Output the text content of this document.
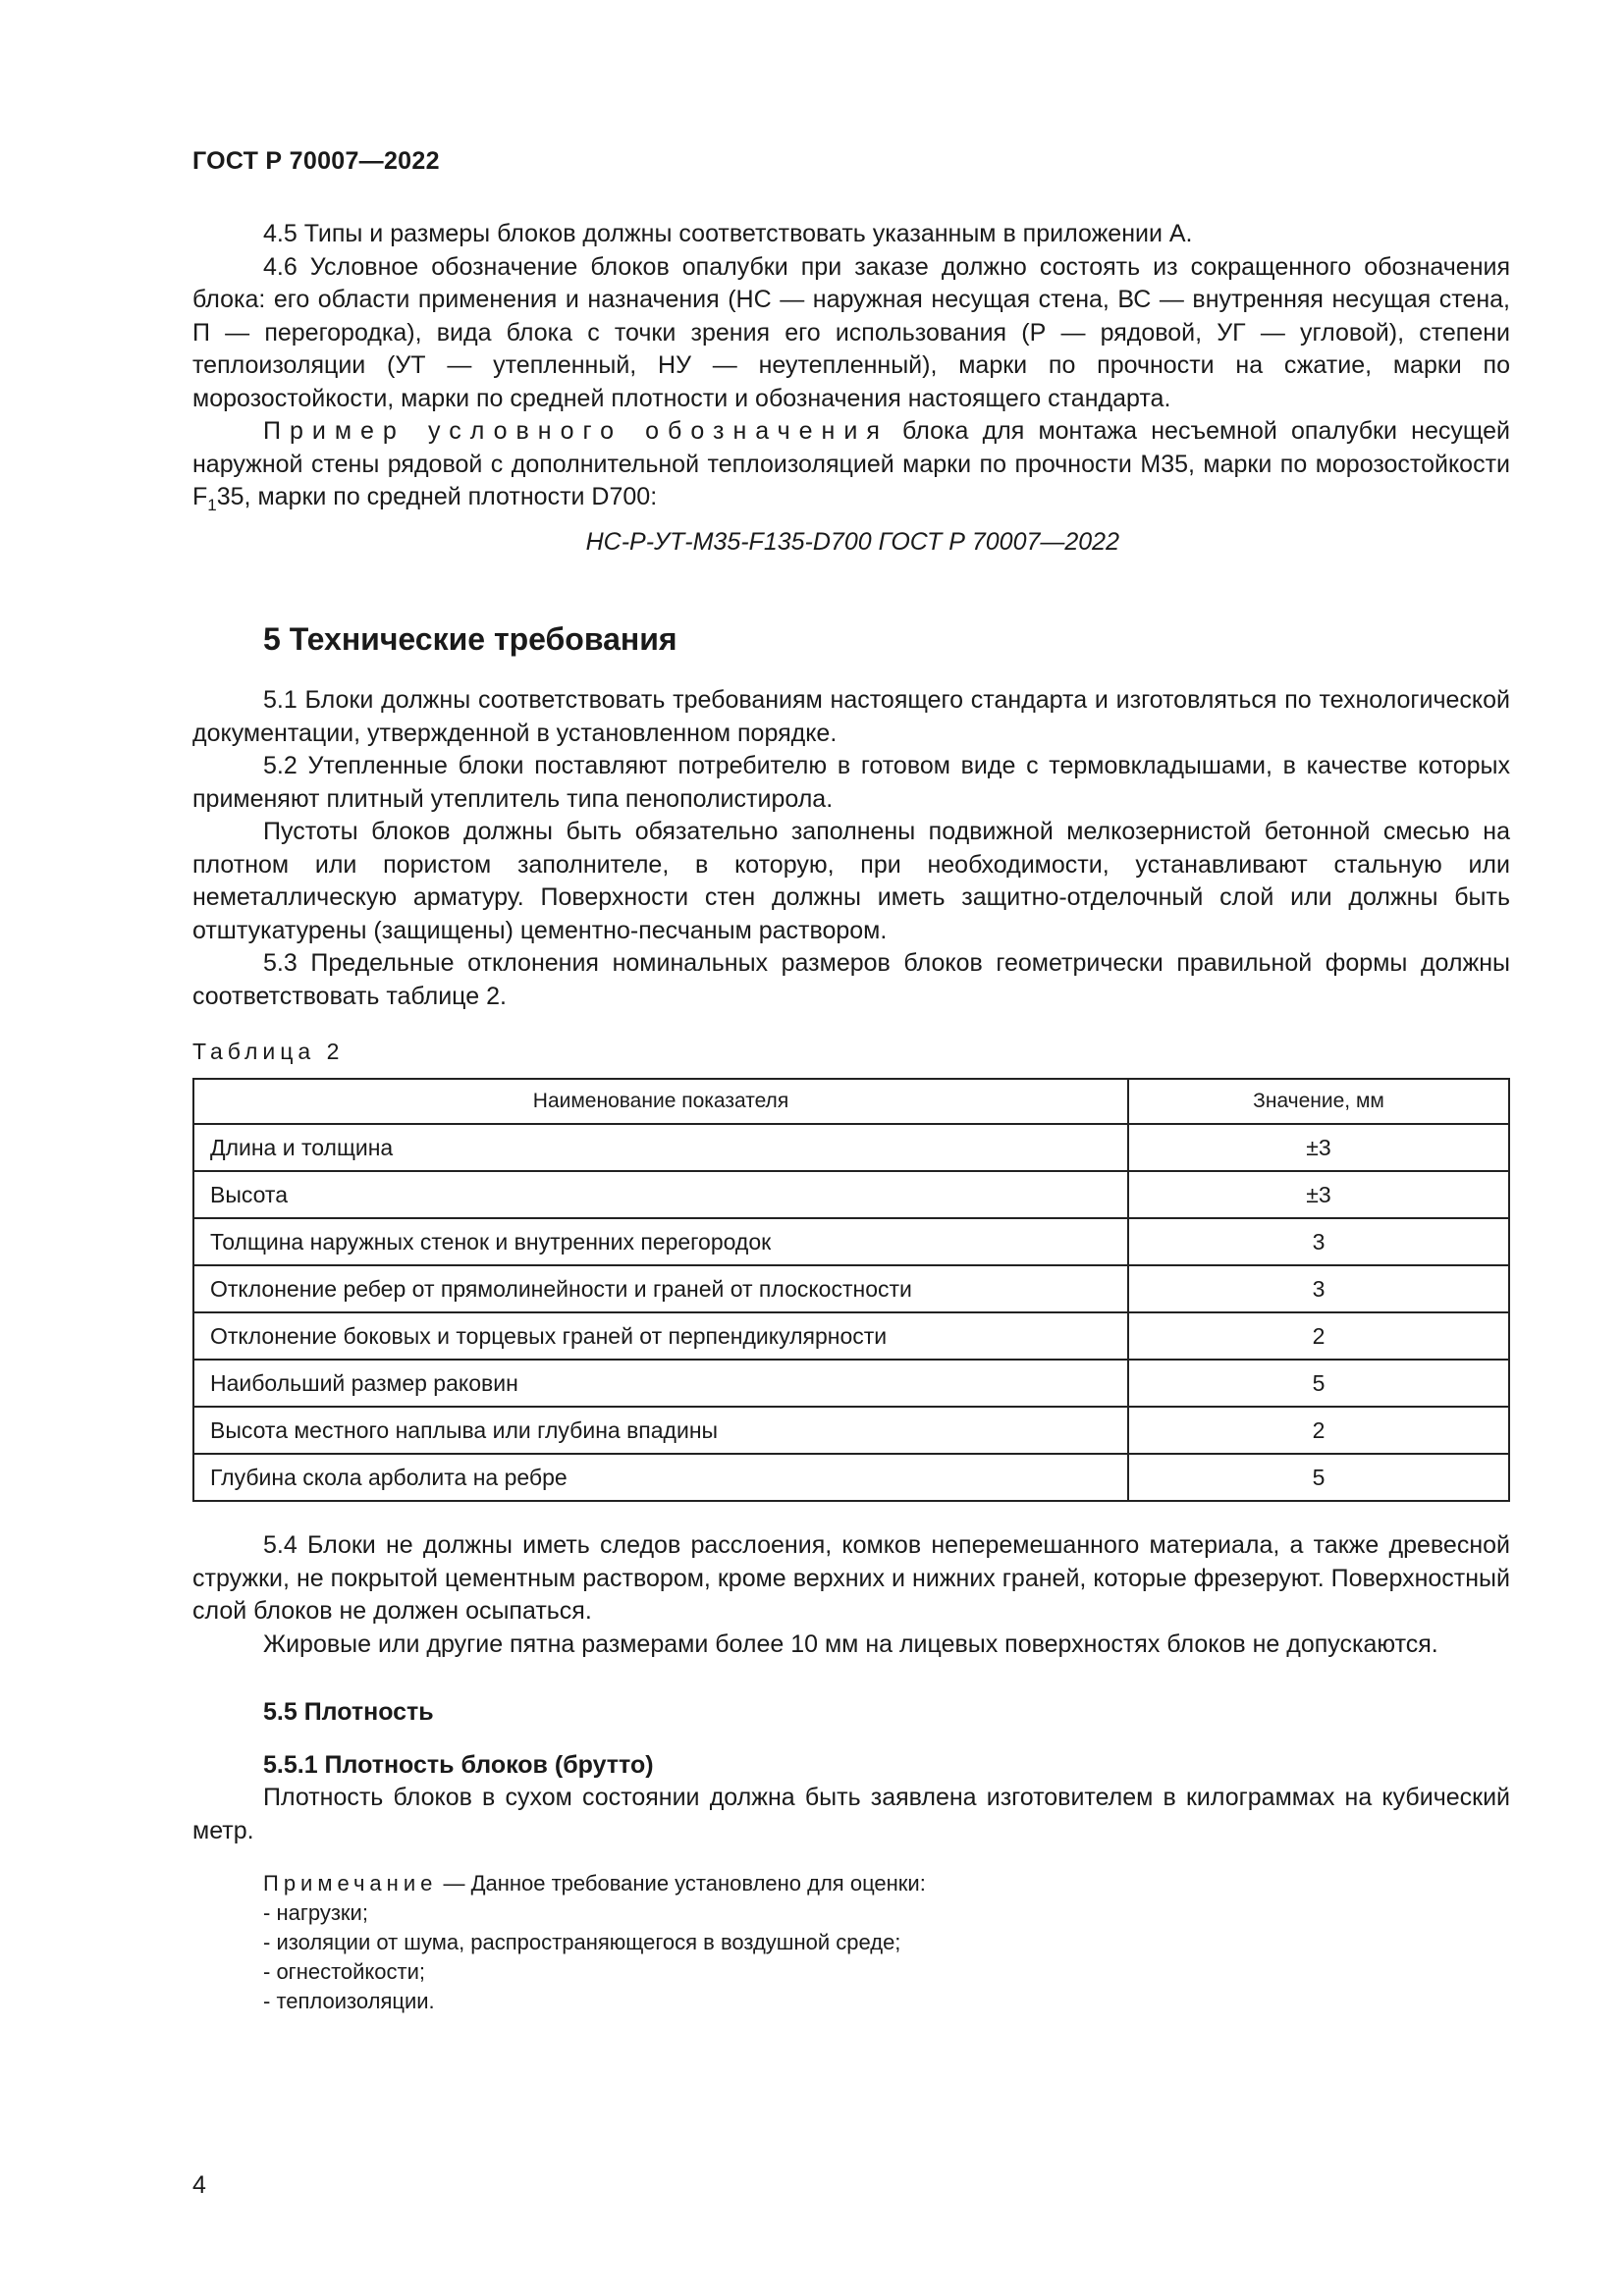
ГОСТ Р 70007—2022

4.5 Типы и размеры блоков должны соответствовать указанным в приложении А.

4.6 Условное обозначение блоков опалубки при заказе должно состоять из сокращенного обозначения блока: его области применения и назначения (НС — наружная несущая стена, ВС — внутренняя несущая стена, П — перегородка), вида блока с точки зрения его использования (Р — рядовой, УГ — угловой), степени теплоизоляции (УТ — утепленный, НУ — неутепленный), марки по прочности на сжатие, марки по морозостойкости, марки по средней плотности и обозначения настоящего стандарта.

Пример условного обозначения блока для монтажа несъемной опалубки несущей наружной стены рядовой с дополнительной теплоизоляцией марки по прочности М35, марки по морозостойкости $F_135$, марки по средней плотности D700:

НС-Р-УТ-М35-F135-D700 ГОСТ Р 70007—2022
5 Технические требования

5.1 Блоки должны соответствовать требованиям настоящего стандарта и изготовляться по технологической документации, утвержденной в установленном порядке.

5.2 Утепленные блоки поставляют потребителю в готовом виде с термовкладышами, в качестве которых применяют плитный утеплитель типа пенополистирола.

Пустоты блоков должны быть обязательно заполнены подвижной мелкозернистой бетонной смесью на плотном или пористом заполнителе, в которую, при необходимости, устанавливают стальную или неметаллическую арматуру. Поверхности стен должны иметь защитно-отделочный слой или должны быть отштукатурены (защищены) цементно-песчаным раствором.

5.3 Предельные отклонения номинальных размеров блоков геометрически правильной формы должны соответствовать таблице 2.

Таблица 2
Наименование показателя	Значение, мм
Длина и толщина	±3
Высота	±3
Толщина наружных стенок и внутренних перегородок	3
Отклонение ребер от прямолинейности и граней от плоскостности	3
Отклонение боковых и торцевых граней от перпендикулярности	2
Наибольший размер раковин	5
Высота местного наплыва или глубина впадины	2
Глубина скола арболита на ребре	5

5.4 Блоки не должны иметь следов расслоения, комков неперемешанного материала, а также древесной стружки, не покрытой цементным раствором, кроме верхних и нижних граней, которые фрезеруют. Поверхностный слой блоков не должен осыпаться.

Жировые или другие пятна размерами более 10 мм на лицевых поверхностях блоков не допускаются.

5.5 Плотность

5.5.1 Плотность блоков (брутто)

Плотность блоков в сухом состоянии должна быть заявлена изготовителем в килограммах на кубический метр.

Примечание — Данное требование установлено для оценки:
- нагрузки;
- изоляции от шума, распространяющегося в воздушной среде;
- огнестойкости;
- теплоизоляции.
4
